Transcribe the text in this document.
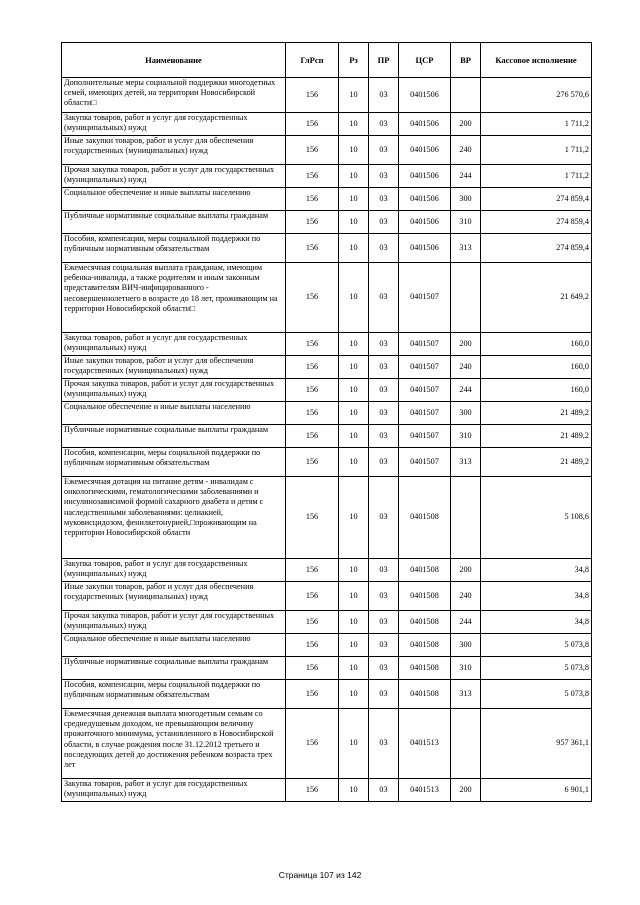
Наименование	ГлРсп	Рз	ПР	ЦСР	ВР	Кассовое исполнение
Дополнительные меры социальной поддержки многодетных семей, имеющих детей, на территории Новосибирской области□	156	10	03	0401506		276 570,6
Закупка товаров, работ и услуг для государственных (муниципальных) нужд	156	10	03	0401506	200	1 711,2
Иные закупки товаров, работ и услуг для обеспечения государственных (муниципальных) нужд	156	10	03	0401506	240	1 711,2
Прочая закупка товаров, работ и услуг для государственных (муниципальных) нужд	156	10	03	0401506	244	1 711,2
Социальное обеспечение и иные выплаты населению	156	10	03	0401506	300	274 859,4
Публичные нормативные социальные выплаты гражданам	156	10	03	0401506	310	274 859,4
Пособия, компенсации, меры социальной поддержки по публичным нормативным обязательствам	156	10	03	0401506	313	274 859,4
Ежемесячная социальная выплата гражданам, имеющим ребенка-инвалида, а также родителям и иным законным представителям ВИЧ-инфицированного - несовершеннолетнего в возрасте до 18 лет, проживающим на территории Новосибирской области□	156	10	03	0401507		21 649,2
Закупка товаров, работ и услуг для государственных (муниципальных) нужд	156	10	03	0401507	200	160,0
Иные закупки товаров, работ и услуг для обеспечения государственных (муниципальных) нужд	156	10	03	0401507	240	160,0
Прочая закупка товаров, работ и услуг для государственных (муниципальных) нужд	156	10	03	0401507	244	160,0
Социальное обеспечение и иные выплаты населению	156	10	03	0401507	300	21 489,2
Публичные нормативные социальные выплаты гражданам	156	10	03	0401507	310	21 489,2
Пособия, компенсации, меры социальной поддержки по публичным нормативным обязательствам	156	10	03	0401507	313	21 489,2
Ежемесячная дотация на питание детям - инвалидам с онкологическими, гематологическими заболеваниями и инсулинозависимой формой сахарного диабета и детям с наследственными заболеваниями: целиакией, муковисцидозом, фенилкетонурией,□проживающим на территории Новосибирской области	156	10	03	0401508		5 108,6
Закупка товаров, работ и услуг для государственных (муниципальных) нужд	156	10	03	0401508	200	34,8
Иные закупки товаров, работ и услуг для обеспечения государственных (муниципальных) нужд	156	10	03	0401508	240	34,8
Прочая закупка товаров, работ и услуг для государственных (муниципальных) нужд	156	10	03	0401508	244	34,8
Социальное обеспечение и иные выплаты населению	156	10	03	0401508	300	5 073,8
Публичные нормативные социальные выплаты гражданам	156	10	03	0401508	310	5 073,8
Пособия, компенсации, меры социальной поддержки по публичным нормативным обязательствам	156	10	03	0401508	313	5 073,8
Ежемесячная денежная выплата многодетным семьям со среднедушевым доходом, не превышающим величину прожиточного минимума, установленного в Новосибирской области, в случае рождения после 31.12.2012 третьего и последующих детей до достижения ребенком возраста трех лет	156	10	03	0401513		957 361,1
Закупка товаров, работ и услуг для государственных (муниципальных) нужд	156	10	03	0401513	200	6 901,1
Страница 107 из 142
